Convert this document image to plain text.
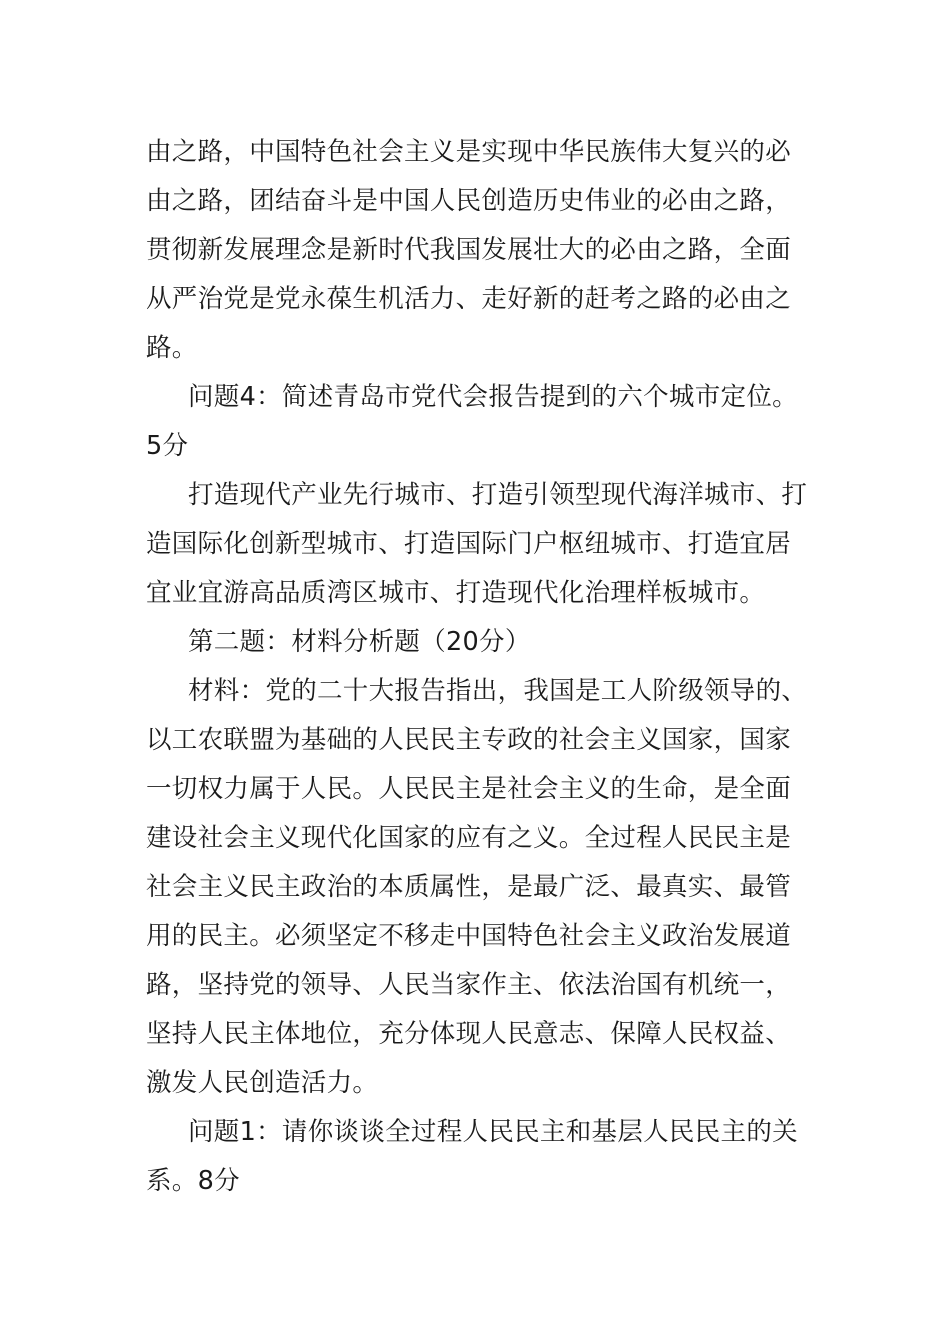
由之路，中国特色社会主义是实现中华民族伟大复兴的必
由之路，团结奋斗是中国人民创造历史伟业的必由之路，
贯彻新发展理念是新时代我国发展壮大的必由之路，全面
从严治党是党永葆生机活力、走好新的赶考之路的必由之
路。
问题4：简述青岛市党代会报告提到的六个城市定位。
5分
打造现代产业先行城市、打造引领型现代海洋城市、打
造国际化创新型城市、打造国际门户枢纽城市、打造宜居
宜业宜游高品质湾区城市、打造现代化治理样板城市。
第二题：材料分析题（20分）
材料：党的二十大报告指出，我国是工人阶级领导的、
以工农联盟为基础的人民民主专政的社会主义国家，国家
一切权力属于人民。人民民主是社会主义的生命，是全面
建设社会主义现代化国家的应有之义。全过程人民民主是
社会主义民主政治的本质属性，是最广泛、最真实、最管
用的民主。必须坚定不移走中国特色社会主义政治发展道
路，坚持党的领导、人民当家作主、依法治国有机统一，
坚持人民主体地位，充分体现人民意志、保障人民权益、
激发人民创造活力。
问题1：请你谈谈全过程人民民主和基层人民民主的关
系。8分
